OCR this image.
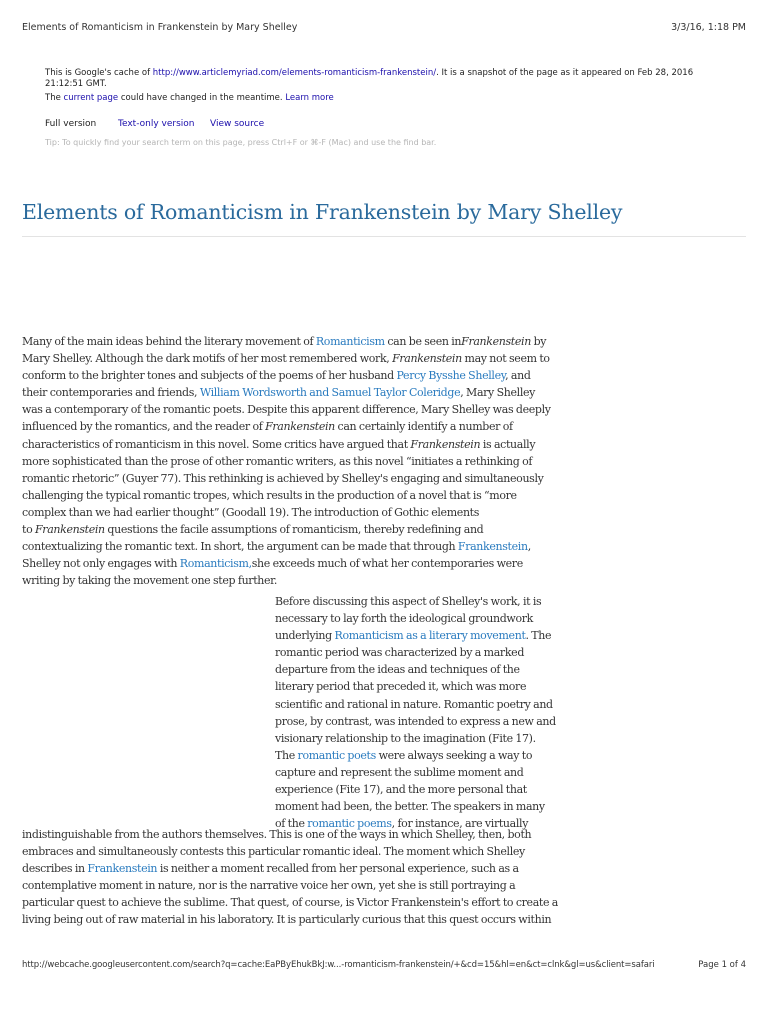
Elements of Romanticism in Frankenstein by Mary Shelley	3/3/16, 1:18 PM
This is Google's cache of http://www.articlemyriad.com/elements-romanticism-frankenstein/. It is a snapshot of the page as it appeared on Feb 28, 2016
21:12:51 GMT.
The current page could have changed in the meantime. Learn more
Full version Text-only version View source
Tip: To quickly find your search term on this page, press Ctrl+F or ⌘-F (Mac) and use the find bar.
Elements of Romanticism in Frankenstein by Mary Shelley
Many of the main ideas behind the literary movement of Romanticism can be seen inFrankenstein by
Mary Shelley. Although the dark motifs of her most remembered work, Frankenstein may not seem to
conform to the brighter tones and subjects of the poems of her husband Percy Bysshe Shelley, and
their contemporaries and friends, William Wordsworth and Samuel Taylor Coleridge, Mary Shelley
was a contemporary of the romantic poets. Despite this apparent difference, Mary Shelley was deeply
influenced by the romantics, and the reader of Frankenstein can certainly identify a number of
characteristics of romanticism in this novel. Some critics have argued that Frankenstein is actually
more sophisticated than the prose of other romantic writers, as this novel “initiates a rethinking of
romantic rhetoric” (Guyer 77). This rethinking is achieved by Shelley's engaging and simultaneously
challenging the typical romantic tropes, which results in the production of a novel that is “more
complex than we had earlier thought” (Goodall 19). The introduction of Gothic elements
to Frankenstein questions the facile assumptions of romanticism, thereby redefining and
contextualizing the romantic text. In short, the argument can be made that through Frankenstein,
Shelley not only engages with Romanticism,she exceeds much of what her contemporaries were
writing by taking the movement one step further.
Before discussing this aspect of Shelley's work, it is
necessary to lay forth the ideological groundwork
underlying Romanticism as a literary movement. The
romantic period was characterized by a marked
departure from the ideas and techniques of the
literary period that preceded it, which was more
scientific and rational in nature. Romantic poetry and
prose, by contrast, was intended to express a new and
visionary relationship to the imagination (Fite 17).
The romantic poets were always seeking a way to
capture and represent the sublime moment and
experience (Fite 17), and the more personal that
moment had been, the better. The speakers in many
of the romantic poems, for instance, are virtually
indistinguishable from the authors themselves. This is one of the ways in which Shelley, then, both
embraces and simultaneously contests this particular romantic ideal. The moment which Shelley
describes in Frankenstein is neither a moment recalled from her personal experience, such as a
contemplative moment in nature, nor is the narrative voice her own, yet she is still portraying a
particular quest to achieve the sublime. That quest, of course, is Victor Frankenstein's effort to create a
living being out of raw material in his laboratory. It is particularly curious that this quest occurs within
http://webcache.googleusercontent.com/search?q=cache:EaPByEhukBkJ:w...-romanticism-frankenstein/+&cd=15&hl=en&ct=clnk&gl=us&client=safari	Page 1 of 4
